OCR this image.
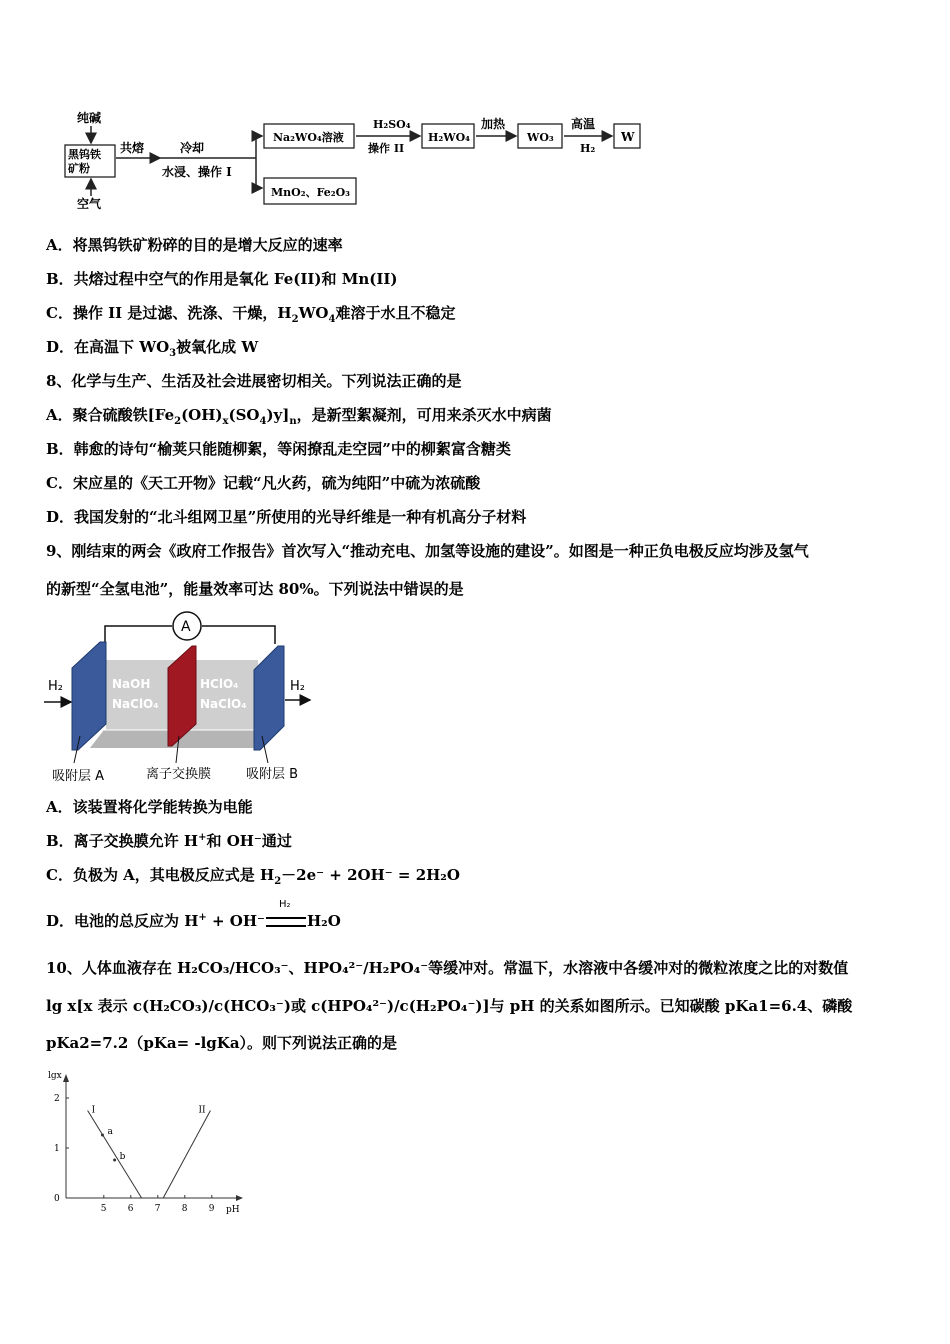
纯碱
黑钨铁
矿粉
空气
共熔	冷却
水浸、操作 I
Na₂WO₄溶液
MnO₂、Fe₂O₃
H₂SO₄
操作 II
H₂WO₄
加热
WO₃
高温
H₂
W
A．将黑钨铁矿粉碎的目的是增大反应的速率
B．共熔过程中空气的作用是氧化 Fe(II)和 Mn(II)
C．操作 II 是过滤、洗涤、干燥，$H_2WO_4$难溶于水且不稳定
D．在高温下 $WO_3$被氧化成 W
8、化学与生产、生活及社会进展密切相关。下列说法正确的是
A．聚合硫酸铁$[Fe_2(OH)_x(SO_4)y]_n$，是新型絮凝剂，可用来杀灭水中病菌
B．韩愈的诗句“榆荚只能随柳絮，等闲撩乱走空园”中的柳絮富含糖类
C．宋应星的《天工开物》记载“凡火药，硫为纯阳”中硫为浓硫酸
D．我国发射的“北斗组网卫星”所使用的光导纤维是一种有机高分子材料
9、刚结束的两会《政府工作报告》首次写入“推动充电、加氢等设施的建设”。如图是一种正负电极反应均涉及氢气
的新型“全氢电池”，能量效率可达 80%。下列说法中错误的是
A
NaOH
NaClO₄
HClO₄
NaClO₄
H₂	H₂
吸附层 A	离子交换膜	吸附层 B
A．该装置将化学能转换为电能
B．离子交换膜允许 H+和 OH⁻通过
C．负极为 A，其电极反应式是 $H_2-2e^- + 2OH^- = 2H_2O$
H₂
D．电池的总反应为 H+ + OH⁻	H₂O
10、人体血液存在 H₂CO₃/HCO₃⁻、HPO₄²⁻/H₂PO₄⁻等缓冲对。常温下，水溶液中各缓冲对的微粒浓度之比的对数值
lg x[x 表示 c(H₂CO₃)/c(HCO₃⁻)或 c(HPO₄²⁻)/c(H₂PO₄⁻)]与 pH 的关系如图所示。已知碳酸 pKa1=6.4、磷酸
pKa2=7.2（pKa= -lgKa）。则下列说法正确的是
lgx
pH
5 6 7 8 9
0
1
2
I	II
a
b
